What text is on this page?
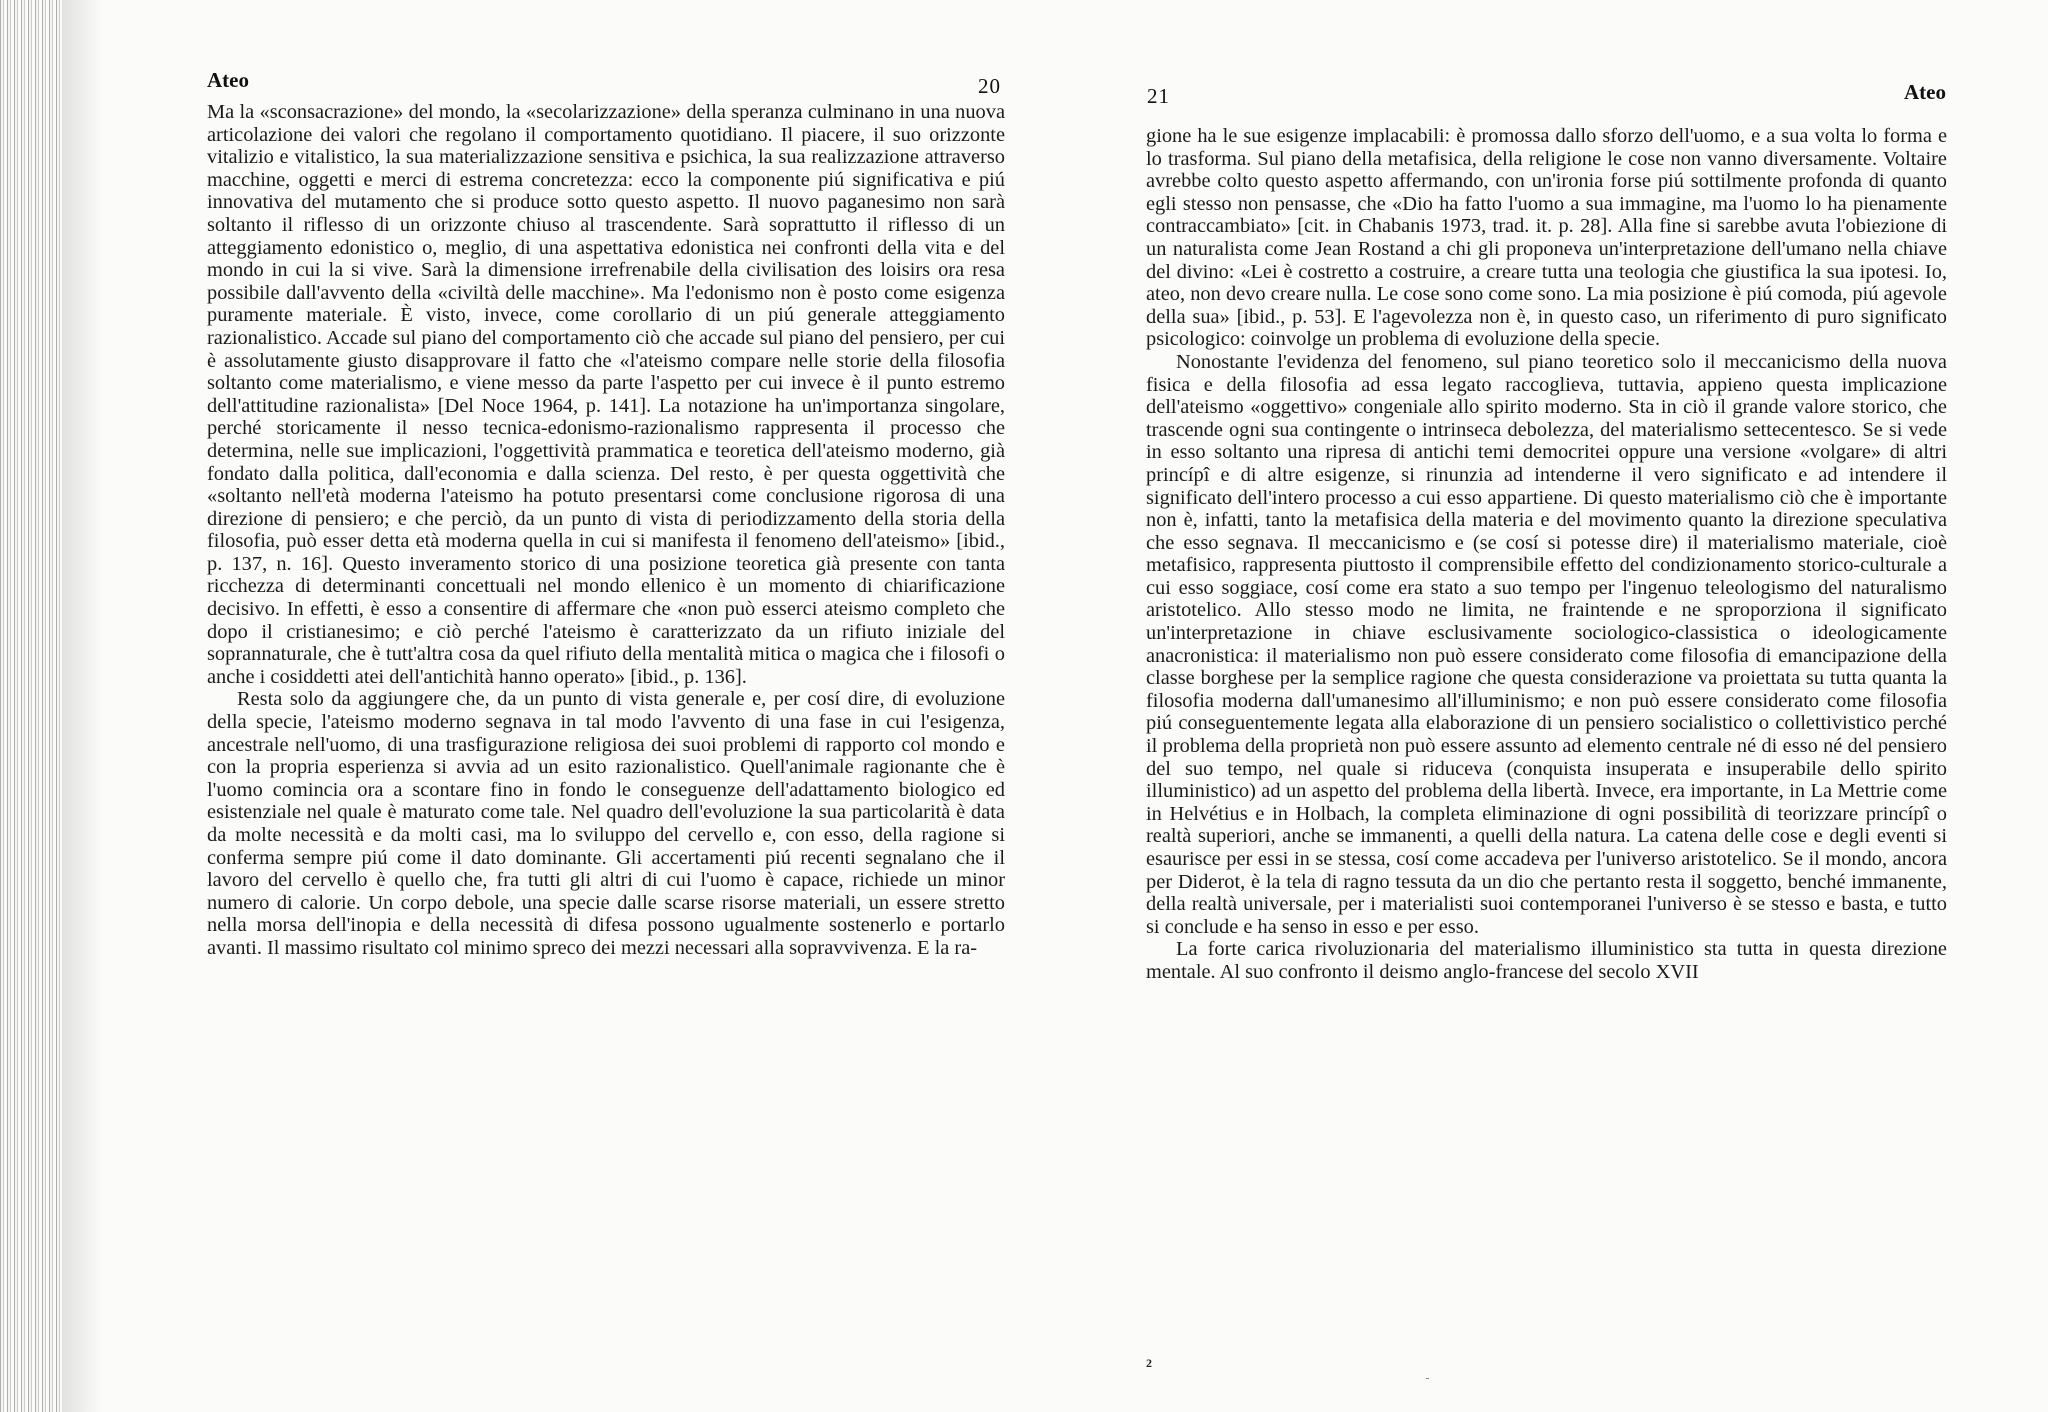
Ateo	20

Ma la «sconsacrazione» del mondo, la «secolarizzazione» della speranza culminano in una nuova articolazione dei valori che regolano il comportamento quotidiano. Il piacere, il suo orizzonte vitalizio e vitalistico, la sua materializzazione sensitiva e psichica, la sua realizzazione attraverso macchine, oggetti e merci di estrema concretezza: ecco la componente piú significativa e piú innovativa del mutamento che si produce sotto questo aspetto. Il nuovo paganesimo non sarà soltanto il riflesso di un orizzonte chiuso al trascendente. Sarà soprattutto il riflesso di un atteggiamento edonistico o, meglio, di una aspettativa edonistica nei confronti della vita e del mondo in cui la si vive. Sarà la dimensione irrefrenabile della civilisation des loisirs ora resa possibile dall'avvento della «civiltà delle macchine». Ma l'edonismo non è posto come esigenza puramente materiale. È visto, invece, come corollario di un piú generale atteggiamento razionalistico. Accade sul piano del comportamento ciò che accade sul piano del pensiero, per cui è assolutamente giusto disapprovare il fatto che «l'ateismo compare nelle storie della filosofia soltanto come materialismo, e viene messo da parte l'aspetto per cui invece è il punto estremo dell'attitudine razionalista» [Del Noce 1964, p. 141]. La notazione ha un'importanza singolare, perché storicamente il nesso tecnica-edonismo-razionalismo rappresenta il processo che determina, nelle sue implicazioni, l'oggettività prammatica e teoretica dell'ateismo moderno, già fondato dalla politica, dall'economia e dalla scienza. Del resto, è per questa oggettività che «soltanto nell'età moderna l'ateismo ha potuto presentarsi come conclusione rigorosa di una direzione di pensiero; e che perciò, da un punto di vista di periodizzamento della storia della filosofia, può esser detta età moderna quella in cui si manifesta il fenomeno dell'ateismo» [ibid., p. 137, n. 16]. Questo inveramento storico di una posizione teoretica già presente con tanta ricchezza di determinanti concettuali nel mondo ellenico è un momento di chiarificazione decisivo. In effetti, è esso a consentire di affermare che «non può esserci ateismo completo che dopo il cristianesimo; e ciò perché l'ateismo è caratterizzato da un rifiuto iniziale del soprannaturale, che è tutt'altra cosa da quel rifiuto della mentalità mitica o magica che i filosofi o anche i cosiddetti atei dell'antichità hanno operato» [ibid., p. 136].

Resta solo da aggiungere che, da un punto di vista generale e, per cosí dire, di evoluzione della specie, l'ateismo moderno segnava in tal modo l'avvento di una fase in cui l'esigenza, ancestrale nell'uomo, di una trasfigurazione religiosa dei suoi problemi di rapporto col mondo e con la propria esperienza si avvia ad un esito razionalistico. Quell'animale ragionante che è l'uomo comincia ora a scontare fino in fondo le conseguenze dell'adattamento biologico ed esistenziale nel quale è maturato come tale. Nel quadro dell'evoluzione la sua particolarità è data da molte necessità e da molti casi, ma lo sviluppo del cervello e, con esso, della ragione si conferma sempre piú come il dato dominante. Gli accertamenti piú recenti segnalano che il lavoro del cervello è quello che, fra tutti gli altri di cui l'uomo è capace, richiede un minor numero di calorie. Un corpo debole, una specie dalle scarse risorse materiali, un essere stretto nella morsa dell'inopia e della necessità di difesa possono ugualmente sostenerlo e portarlo avanti. Il massimo risultato col minimo spreco dei mezzi necessari alla sopravvivenza. E la ra-

21	Ateo

gione ha le sue esigenze implacabili: è promossa dallo sforzo dell'uomo, e a sua volta lo forma e lo trasforma. Sul piano della metafisica, della religione le cose non vanno diversamente. Voltaire avrebbe colto questo aspetto affermando, con un'ironia forse piú sottilmente profonda di quanto egli stesso non pensasse, che «Dio ha fatto l'uomo a sua immagine, ma l'uomo lo ha pienamente contraccambiato» [cit. in Chabanis 1973, trad. it. p. 28]. Alla fine si sarebbe avuta l'obiezione di un naturalista come Jean Rostand a chi gli proponeva un'interpretazione dell'umano nella chiave del divino: «Lei è costretto a costruire, a creare tutta una teologia che giustifica la sua ipotesi. Io, ateo, non devo creare nulla. Le cose sono come sono. La mia posizione è piú comoda, piú agevole della sua» [ibid., p. 53]. E l'agevolezza non è, in questo caso, un riferimento di puro significato psicologico: coinvolge un problema di evoluzione della specie.

Nonostante l'evidenza del fenomeno, sul piano teoretico solo il meccanicismo della nuova fisica e della filosofia ad essa legato raccoglieva, tuttavia, appieno questa implicazione dell'ateismo «oggettivo» congeniale allo spirito moderno. Sta in ciò il grande valore storico, che trascende ogni sua contingente o intrinseca debolezza, del materialismo settecentesco. Se si vede in esso soltanto una ripresa di antichi temi democritei oppure una versione «volgare» di altri princípî e di altre esigenze, si rinunzia ad intenderne il vero significato e ad intendere il significato dell'intero processo a cui esso appartiene. Di questo materialismo ciò che è importante non è, infatti, tanto la metafisica della materia e del movimento quanto la direzione speculativa che esso segnava. Il meccanicismo e (se cosí si potesse dire) il materialismo materiale, cioè metafisico, rappresenta piuttosto il comprensibile effetto del condizionamento storico-culturale a cui esso soggiace, cosí come era stato a suo tempo per l'ingenuo teleologismo del naturalismo aristotelico. Allo stesso modo ne limita, ne fraintende e ne sproporziona il significato un'interpretazione in chiave esclusivamente sociologico-classistica o ideologicamente anacronistica: il materialismo non può essere considerato come filosofia di emancipazione della classe borghese per la semplice ragione che questa considerazione va proiettata su tutta quanta la filosofia moderna dall'umanesimo all'illuminismo; e non può essere considerato come filosofia piú conseguentemente legata alla elaborazione di un pensiero socialistico o collettivistico perché il problema della proprietà non può essere assunto ad elemento centrale né di esso né del pensiero del suo tempo, nel quale si riduceva (conquista insuperata e insuperabile dello spirito illuministico) ad un aspetto del problema della libertà. Invece, era importante, in La Mettrie come in Helvétius e in Holbach, la completa eliminazione di ogni possibilità di teorizzare princípî o realtà superiori, anche se immanenti, a quelli della natura. La catena delle cose e degli eventi si esaurisce per essi in se stessa, cosí come accadeva per l'universo aristotelico. Se il mondo, ancora per Diderot, è la tela di ragno tessuta da un dio che pertanto resta il soggetto, benché immanente, della realtà universale, per i materialisti suoi contemporanei l'universo è se stesso e basta, e tutto si conclude e ha senso in esso e per esso.

La forte carica rivoluzionaria del materialismo illuministico sta tutta in questa direzione mentale. Al suo confronto il deismo anglo-francese del secolo XVII

2
